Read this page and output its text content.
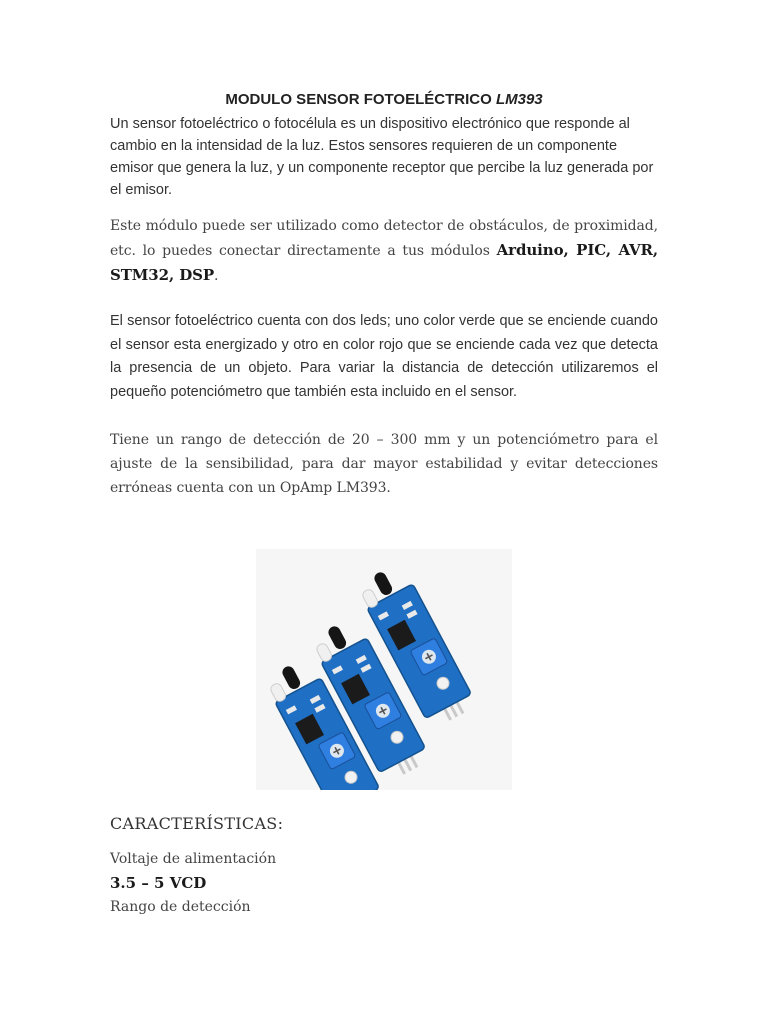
MODULO SENSOR FOTOELÉCTRICO LM393

Un sensor fotoeléctrico o fotocélula es un dispositivo electrónico que responde al cambio en la intensidad de la luz. Estos sensores requieren de un componente emisor que genera la luz, y un componente receptor que percibe la luz generada por el emisor.

Este módulo puede ser utilizado como detector de obstáculos, de proximidad, etc. lo puedes conectar directamente a tus módulos Arduino, PIC, AVR, STM32, DSP.

El sensor fotoeléctrico cuenta con dos leds; uno color verde que se enciende cuando el sensor esta energizado y otro en color rojo que se enciende cada vez que detecta la presencia de un objeto. Para variar la distancia de detección utilizaremos el pequeño potenciómetro que también esta incluido en el sensor.

Tiene un rango de detección de 20 – 300 mm y un potenciómetro para el ajuste de la sensibilidad, para dar mayor estabilidad y evitar detecciones erróneas cuenta con un OpAmp LM393.

CARACTERÍSTICAS:
Voltaje de alimentación
3.5 – 5 VCD
Rango de detección
